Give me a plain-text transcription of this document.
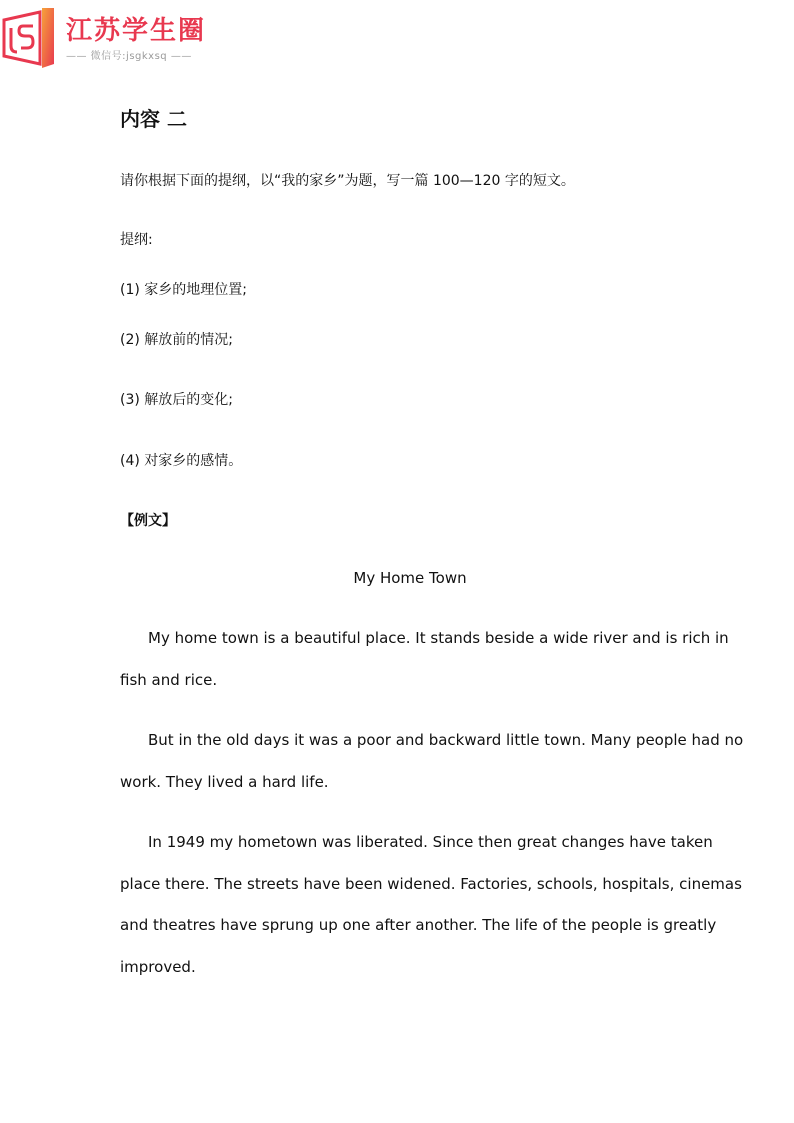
江苏学生圈
—— 微信号:jsgkxsq ——
内容 二
请你根据下面的提纲，以“我的家乡”为题，写一篇 100—120 字的短文。
提纲:
(1) 家乡的地理位置;
(2) 解放前的情况;
(3) 解放后的变化;
(4) 对家乡的感情。
【例文】
My Home Town
My home town is a beautiful place. It stands beside a wide river and is rich in
fish and rice.
But in the old days it was a poor and backward little town. Many people had no
work. They lived a hard life.
In 1949 my hometown was liberated. Since then great changes have taken
place there. The streets have been widened. Factories, schools, hospitals, cinemas
and theatres have sprung up one after another. The life of the people is greatly
improved.
